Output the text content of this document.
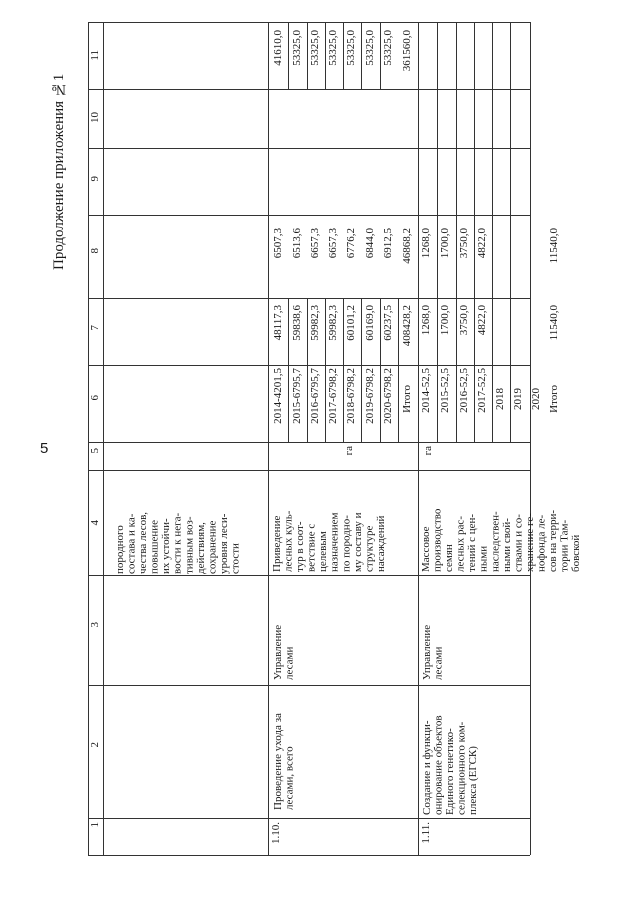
5
Продолжение приложения №1
1
2
3
4
5
6
7
8
9
10
11
породного
состава и ка-
чества лесов,
повышение
их устойчи-
вости к нега-
тивным воз-
действиям,
сохранение
уровня леси-
стости
1.10.
Проведение ухода за
лесами, всего
Управление
лесами
Приведение
лесных куль-
тур в соот-
ветствие с
целевым
назначением
по породно-
му составу и
структуре
насаждений
га
2014-4201,5 2015-6795,7 2016-6795,7 2017-6798,2 2018-6798,2 2019-6798,2 2020-6798,2 Итого
48117,3 59838,6 59982,3 59982,3 60101,2 60169,0 60237,5 408428,2
6507,3 6513,6 6657,3 6657,3 6776,2 6844,0 6912,5 46868,2
41610,0 53325,0 53325,0 53325,0 53325,0 53325,0 53325,0 361560,0
1.11.
Создание и функци-
онирование объектов
Единого генетико-
селекционного ком-
плекса (ЕГСК)
Управление
лесами
Массовое
производство
семян
лесных рас-
тений с цен-
ными
наследствен-
ными свой-
ствами и со-
хранение ге-
нофонда ле-
сов на терри-
тории Там-
бовской
га
2014-52,5 2015-52,5 2016-52,5 2017-52,5 2018 2019 2020 Итого
1268,0 1700,0 3750,0 4822,0	11540,0
1268,0 1700,0 3750,0 4822,0	11540,0
